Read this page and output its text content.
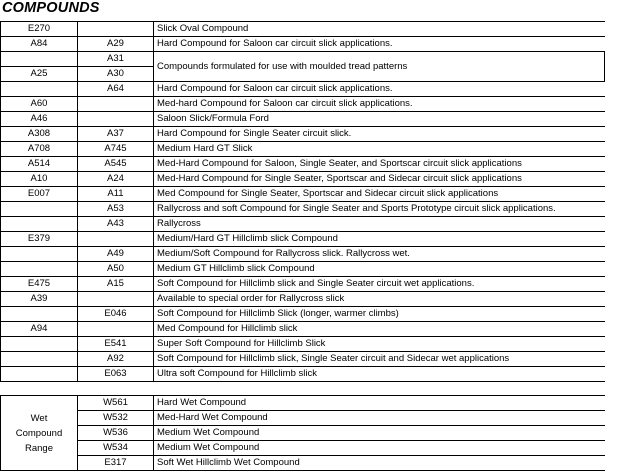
COMPOUNDS
E270		Slick Oval Compound
A84	A29	Hard Compound for Saloon car circuit slick applications.
	A31	Compounds formulated for use with moulded tread patterns
A25	A30	
	A64	Hard Compound for Saloon car circuit slick applications.
A60		Med-hard Compound for Saloon car circuit slick applications.
A46		Saloon Slick/Formula Ford
A308	A37	Hard Compound for Single Seater circuit slick.
A708	A745	Medium Hard GT Slick
A514	A545	Med-Hard Compound for Saloon, Single Seater, and Sportscar circuit slick applications
A10	A24	Med-Hard Compound for Single Seater, Sportscar and Sidecar circuit slick applications
E007	A11	Med Compound for Single Seater, Sportscar and Sidecar circuit slick applications
	A53	Rallycross and soft Compound for Single Seater and Sports Prototype circuit slick applications.
	A43	Rallycross
E379		Medium/Hard GT Hillclimb slick Compound
	A49	Medium/Soft Compound for Rallycross slick. Rallycross wet.
	A50	Medium GT Hillclimb slick Compound
E475	A15	Soft Compound for Hillclimb slick and Single Seater circuit wet applications.
A39		Available to special order for Rallycross slick
	E046	Soft Compound for Hillclimb Slick (longer, warmer climbs)
A94		Med Compound for Hillclimb slick
	E541	Super Soft Compound for Hillclimb Slick
	A92	Soft Compound for Hillclimb slick, Single Seater circuit and Sidecar wet applications
	E063	Ultra soft Compound for Hillclimb slick

Wet
Compound
Range	W561	Hard Wet Compound
	W532	Med-Hard Wet Compound
	W536	Medium Wet Compound
	W534	Medium Wet Compound
	E317	Soft Wet Hillclimb Wet Compound
